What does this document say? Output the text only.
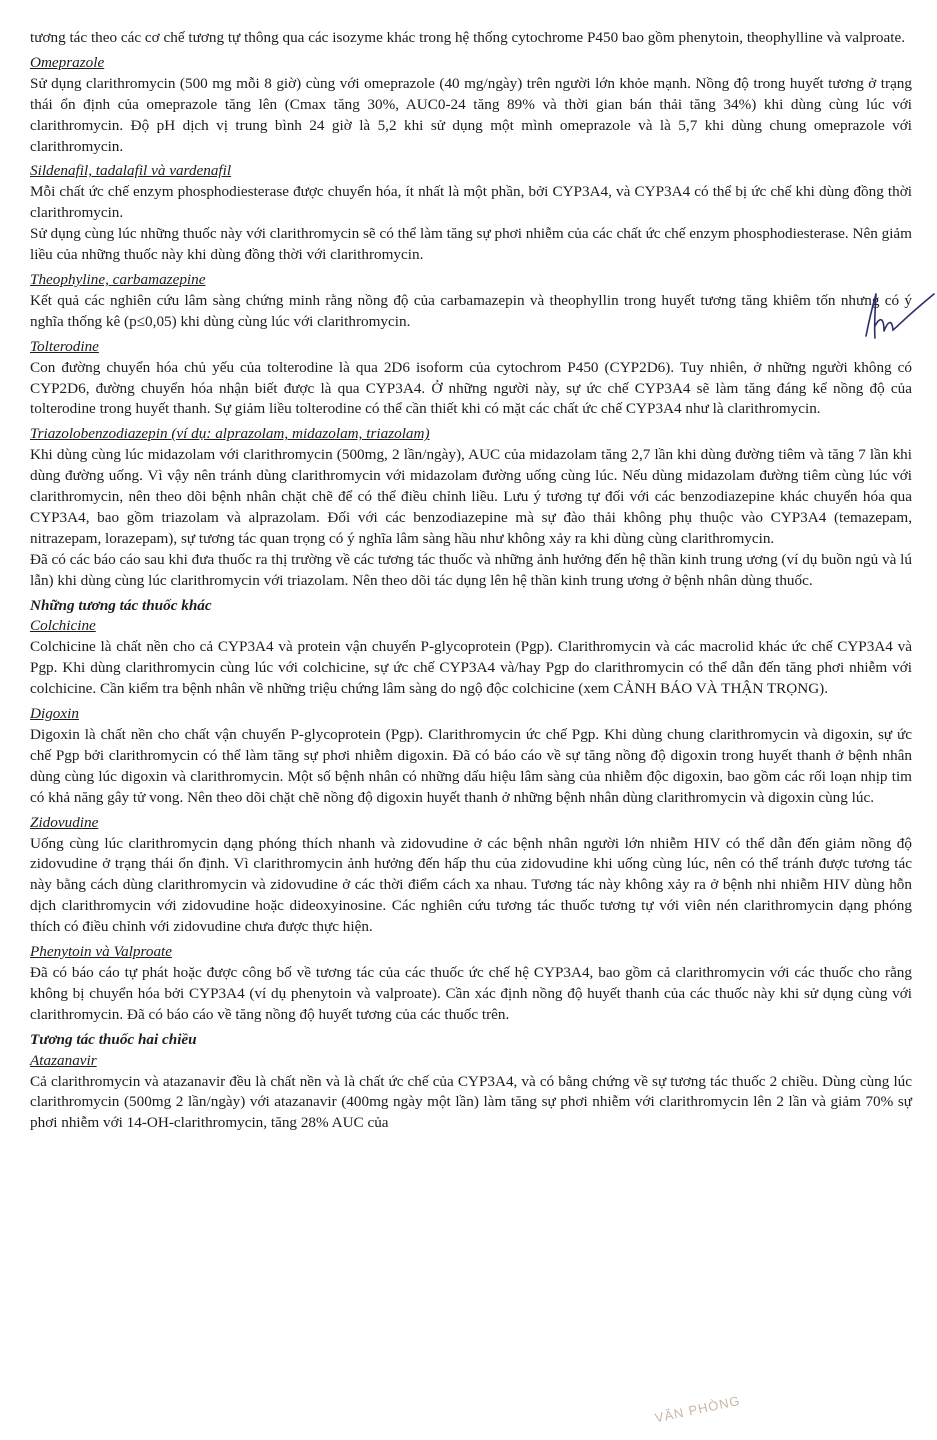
tương tác theo các cơ chế tương tự thông qua các isozyme khác trong hệ thống cytochrome P450 bao gồm phenytoin, theophylline và valproate.

Omeprazole

Sử dụng clarithromycin (500 mg mỗi 8 giờ) cùng với omeprazole (40 mg/ngày) trên người lớn khỏe mạnh. Nồng độ trong huyết tương ở trạng thái ổn định của omeprazole tăng lên (Cmax tăng 30%, AUC0-24 tăng 89% và thời gian bán thải tăng 34%) khi dùng cùng lúc với clarithromycin. Độ pH dịch vị trung bình 24 giờ là 5,2 khi sử dụng một mình omeprazole và là 5,7 khi dùng chung omeprazole với clarithromycin.

Sildenafil, tadalafil và vardenafil

Mỗi chất ức chế enzym phosphodiesterase được chuyển hóa, ít nhất là một phần, bởi CYP3A4, và CYP3A4 có thể bị ức chế khi dùng đồng thời clarithromycin.

Sử dụng cùng lúc những thuốc này với clarithromycin sẽ có thể làm tăng sự phơi nhiễm của các chất ức chế enzym phosphodiesterase. Nên giảm liều của những thuốc này khi dùng đồng thời với clarithromycin.

Theophyline, carbamazepine

Kết quả các nghiên cứu lâm sàng chứng minh rằng nồng độ của carbamazepin và theophyllin trong huyết tương tăng khiêm tốn nhưng có ý nghĩa thống kê (p≤0,05) khi dùng cùng lúc với clarithromycin.

Tolterodine

Con đường chuyển hóa chủ yếu của tolterodine là qua 2D6 isoform của cytochrom P450 (CYP2D6). Tuy nhiên, ở những người không có CYP2D6, đường chuyển hóa nhận biết được là qua CYP3A4. Ở những người này, sự ức chế CYP3A4 sẽ làm tăng đáng kể nồng độ của tolterodine trong huyết thanh. Sự giảm liều tolterodine có thể cần thiết khi có mặt các chất ức chế CYP3A4 như là clarithromycin.

Triazolobenzodiazepin (ví dụ: alprazolam, midazolam, triazolam)

Khi dùng cùng lúc midazolam với clarithromycin (500mg, 2 lần/ngày), AUC của midazolam tăng 2,7 lần khi dùng đường tiêm và tăng 7 lần khi dùng đường uống. Vì vậy nên tránh dùng clarithromycin với midazolam đường uống cùng lúc. Nếu dùng midazolam đường tiêm cùng lúc với clarithromycin, nên theo dõi bệnh nhân chặt chẽ để có thể điều chỉnh liều. Lưu ý tương tự đối với các benzodiazepine khác chuyển hóa qua CYP3A4, bao gồm triazolam và alprazolam. Đối với các benzodiazepine mà sự đào thải không phụ thuộc vào CYP3A4 (temazepam, nitrazepam, lorazepam), sự tương tác quan trọng có ý nghĩa lâm sàng hầu như không xảy ra khi dùng cùng clarithromycin.

Đã có các báo cáo sau khi đưa thuốc ra thị trường về các tương tác thuốc và những ảnh hưởng đến hệ thần kinh trung ương (ví dụ buồn ngủ và lú lẫn) khi dùng cùng lúc clarithromycin với triazolam. Nên theo dõi tác dụng lên hệ thần kinh trung ương ở bệnh nhân dùng thuốc.

Những tương tác thuốc khác

Colchicine

Colchicine là chất nền cho cả CYP3A4 và protein vận chuyển P-glycoprotein (Pgp). Clarithromycin và các macrolid khác ức chế CYP3A4 và Pgp. Khi dùng clarithromycin cùng lúc với colchicine, sự ức chế CYP3A4 và/hay Pgp do clarithromycin có thể dẫn đến tăng phơi nhiễm với colchicine. Cần kiểm tra bệnh nhân về những triệu chứng lâm sàng do ngộ độc colchicine (xem CẢNH BÁO VÀ THẬN TRỌNG).

Digoxin

Digoxin là chất nền cho chất vận chuyển P-glycoprotein (Pgp). Clarithromycin ức chế Pgp. Khi dùng chung clarithromycin và digoxin, sự ức chế Pgp bởi clarithromycin có thể làm tăng sự phơi nhiễm digoxin. Đã có báo cáo về sự tăng nồng độ digoxin trong huyết thanh ở bệnh nhân dùng cùng lúc digoxin và clarithromycin. Một số bệnh nhân có những dấu hiệu lâm sàng của nhiễm độc digoxin, bao gồm các rối loạn nhịp tim có khả năng gây tử vong. Nên theo dõi chặt chẽ nồng độ digoxin huyết thanh ở những bệnh nhân dùng clarithromycin và digoxin cùng lúc.

Zidovudine

Uống cùng lúc clarithromycin dạng phóng thích nhanh và zidovudine ở các bệnh nhân người lớn nhiễm HIV có thể dẫn đến giảm nồng độ zidovudine ở trạng thái ổn định. Vì clarithromycin ảnh hưởng đến hấp thu của zidovudine khi uống cùng lúc, nên có thể tránh được tương tác này bằng cách dùng clarithromycin và zidovudine ở các thời điểm cách xa nhau. Tương tác này không xảy ra ở bệnh nhi nhiễm HIV dùng hỗn dịch clarithromycin với zidovudine hoặc dideoxyinosine. Các nghiên cứu tương tác thuốc tương tự với viên nén clarithromycin dạng phóng thích có điều chỉnh với zidovudine chưa được thực hiện.

Phenytoin và Valproate

Đã có báo cáo tự phát hoặc được công bố về tương tác của các thuốc ức chế hệ CYP3A4, bao gồm cả clarithromycin với các thuốc cho rằng không bị chuyển hóa bởi CYP3A4 (ví dụ phenytoin và valproate). Cần xác định nồng độ huyết thanh của các thuốc này khi sử dụng cùng với clarithromycin. Đã có báo cáo về tăng nồng độ huyết tương của các thuốc trên.

Tương tác thuốc hai chiều

Atazanavir

Cả clarithromycin và atazanavir đều là chất nền và là chất ức chế của CYP3A4, và có bằng chứng về sự tương tác thuốc 2 chiều. Dùng cùng lúc clarithromycin (500mg 2 lần/ngày) với atazanavir (400mg ngày một lần) làm tăng sự phơi nhiễm với clarithromycin lên 2 lần và giảm 70% sự phơi nhiễm với 14-OH-clarithromycin, tăng 28% AUC của

VĂN PHÒNG
